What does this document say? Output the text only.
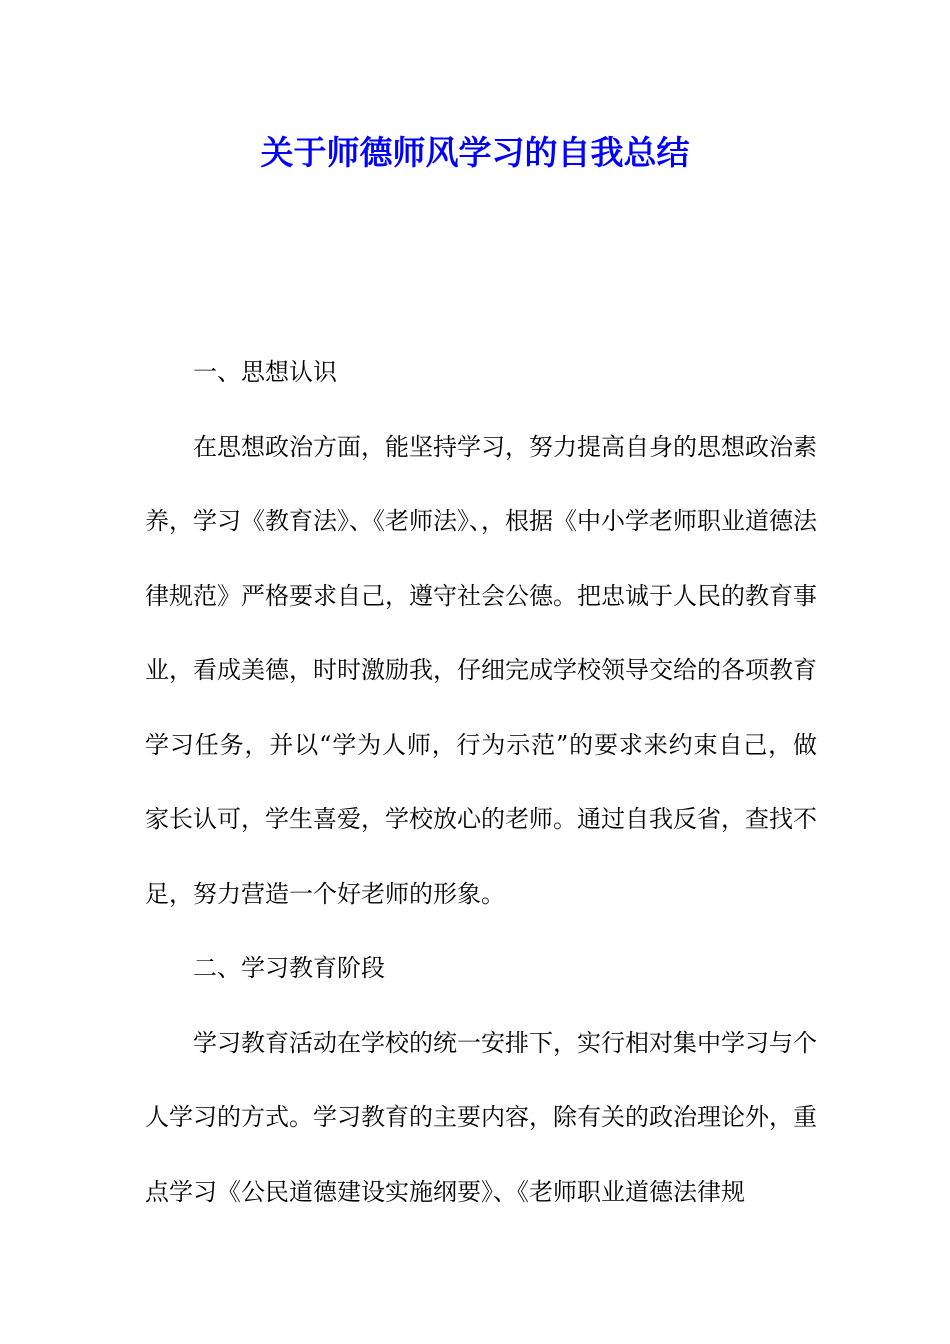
关于师德师风学习的自我总结

一、思想认识

在思想政治方面，能坚持学习，努力提高自身的思想政治素养，学习《教育法》、《老师法》、，根据《中小学老师职业道德法律规范》严格要求自己，遵守社会公德。把忠诚于人民的教育事业，看成美德，时时激励我，仔细完成学校领导交给的各项教育学习任务，并以“学为人师，行为示范”的要求来约束自己，做家长认可，学生喜爱，学校放心的老师。通过自我反省，查找不足，努力营造一个好老师的形象。

二、学习教育阶段

学习教育活动在学校的统一安排下，实行相对集中学习与个人学习的方式。学习教育的主要内容，除有关的政治理论外，重点学习《公民道德建设实施纲要》、《老师职业道德法律规
